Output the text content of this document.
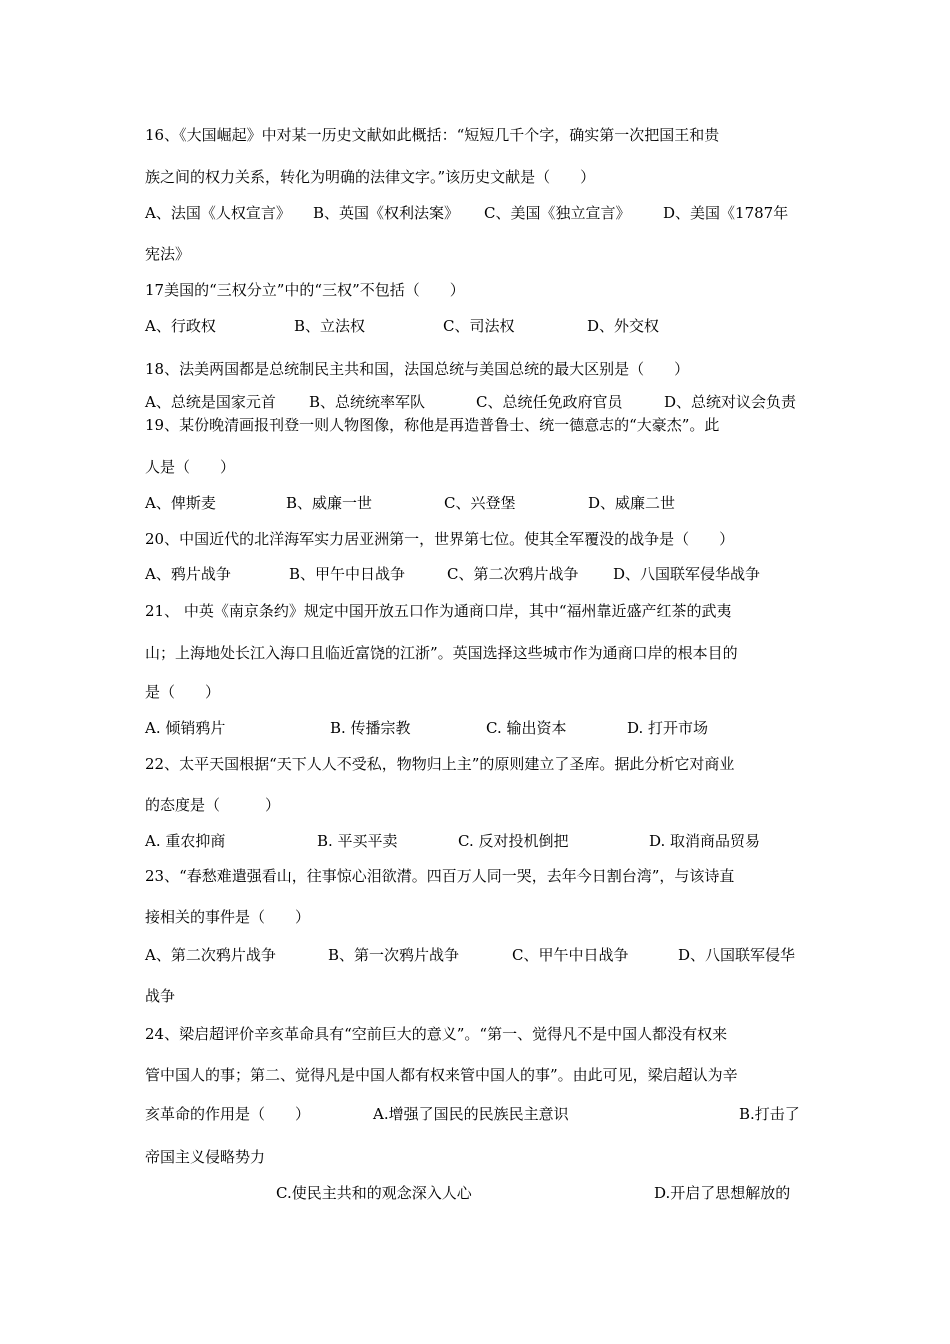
16、《大国崛起》中对某一历史文献如此概括：“短短几千个字，确实第一次把国王和贵
族之间的权力关系，转化为明确的法律文字。”该历史文献是（　　）
A、法国《人权宣言》 B、英国《权利法案》 C、美国《独立宣言》 D、美国《1787年
宪法》
17美国的“三权分立”中的“三权”不包括（　　）
A、行政权	B、立法权	C、司法权	D、外交权
18、法美两国都是总统制民主共和国，法国总统与美国总统的最大区别是（　　）
A、总统是国家元首 B、总统统率军队	C、总统任免政府官员	D、总统对议会负责
19、某份晚清画报刊登一则人物图像，称他是再造普鲁士、统一德意志的“大豪杰”。此
人是（　　）
A、俾斯麦	B、威廉一世	C、兴登堡	D、威廉二世
20、中国近代的北洋海军实力居亚洲第一，世界第七位。使其全军覆没的战争是（　　）
A、鸦片战争	B、甲午中日战争	C、第二次鸦片战争 D、八国联军侵华战争
21、 中英《南京条约》规定中国开放五口作为通商口岸，其中“福州靠近盛产红茶的武夷
山；上海地处长江入海口且临近富饶的江浙”。英国选择这些城市作为通商口岸的根本目的
是（　　）
A. 倾销鸦片	B. 传播宗教	C. 输出资本	D. 打开市场
22、太平天国根据“天下人人不受私，物物归上主”的原则建立了圣库。据此分析它对商业
的态度是（　　　）
A. 重农抑商	B. 平买平卖	C. 反对投机倒把	D. 取消商品贸易
23、“春愁难遣强看山，往事惊心泪欲潸。四百万人同一哭，去年今日割台湾”，与该诗直
接相关的事件是（　　）
A、第二次鸦片战争	B、第一次鸦片战争	C、甲午中日战争	D、八国联军侵华
战争
24、梁启超评价辛亥革命具有“空前巨大的意义”。“第一、觉得凡不是中国人都没有权来
管中国人的事；第二、觉得凡是中国人都有权来管中国人的事”。由此可见，梁启超认为辛
亥革命的作用是（　　）	A.增强了国民的民族民主意识	B.打击了
帝国主义侵略势力
C.使民主共和的观念深入人心	D.开启了思想解放的
